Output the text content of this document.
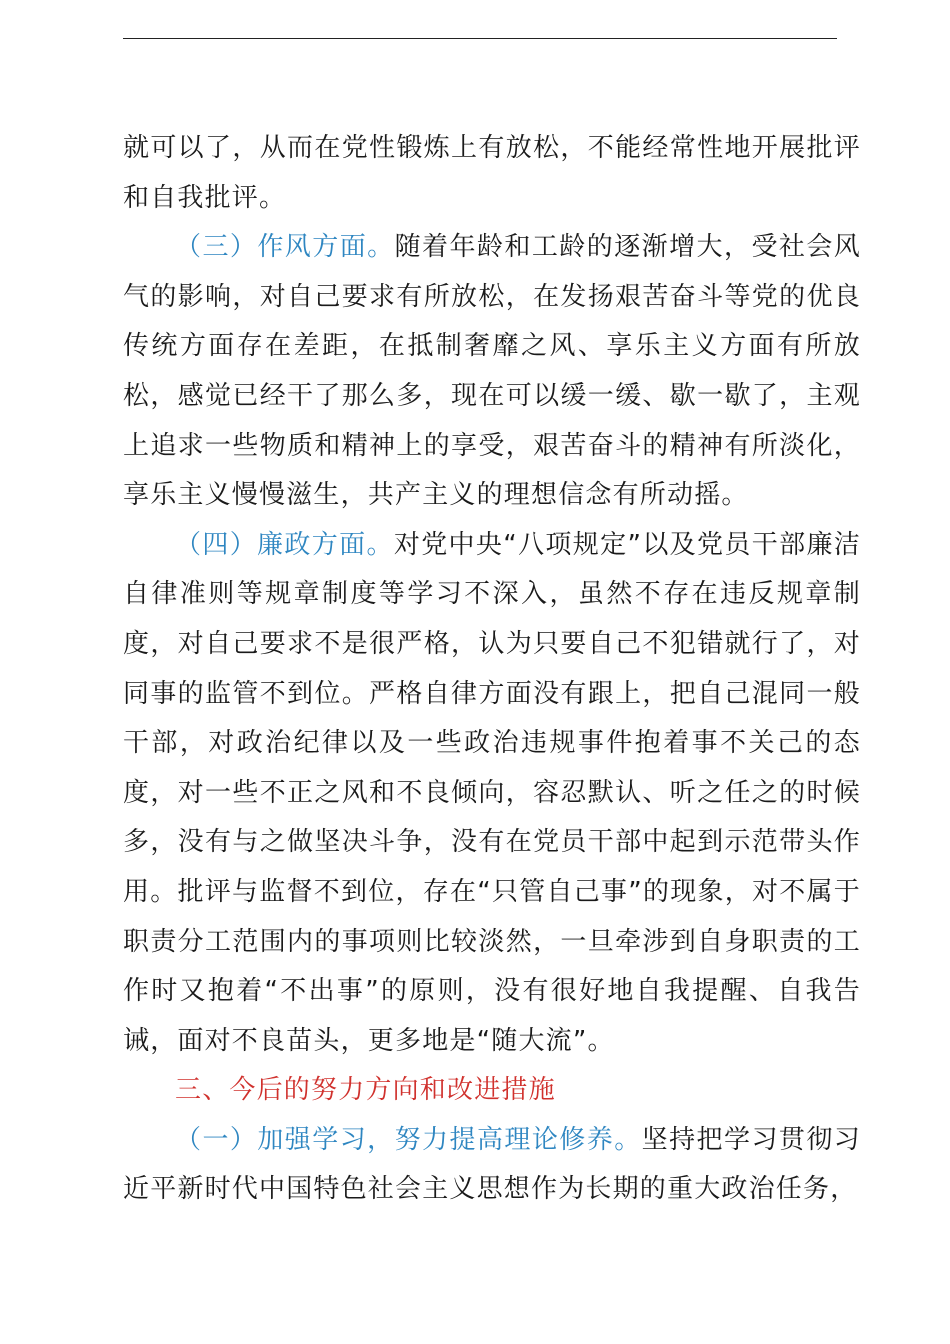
就可以了，从而在党性锻炼上有放松，不能经常性地开展批评和自我批评。

（三）作风方面。随着年龄和工龄的逐渐增大，受社会风气的影响，对自己要求有所放松，在发扬艰苦奋斗等党的优良传统方面存在差距，在抵制奢靡之风、享乐主义方面有所放松，感觉已经干了那么多，现在可以缓一缓、歇一歇了，主观上追求一些物质和精神上的享受，艰苦奋斗的精神有所淡化，享乐主义慢慢滋生，共产主义的理想信念有所动摇。

（四）廉政方面。对党中央“八项规定”以及党员干部廉洁自律准则等规章制度等学习不深入，虽然不存在违反规章制度，对自己要求不是很严格，认为只要自己不犯错就行了，对同事的监管不到位。严格自律方面没有跟上，把自己混同一般干部，对政治纪律以及一些政治违规事件抱着事不关己的态度，对一些不正之风和不良倾向，容忍默认、听之任之的时候多，没有与之做坚决斗争，没有在党员干部中起到示范带头作用。批评与监督不到位，存在“只管自己事”的现象，对不属于职责分工范围内的事项则比较淡然，一旦牵涉到自身职责的工作时又抱着“不出事”的原则，没有很好地自我提醒、自我告诫，面对不良苗头，更多地是“随大流”。

三、今后的努力方向和改进措施

（一）加强学习，努力提高理论修养。坚持把学习贯彻习近平新时代中国特色社会主义思想作为长期的重大政治任务，
